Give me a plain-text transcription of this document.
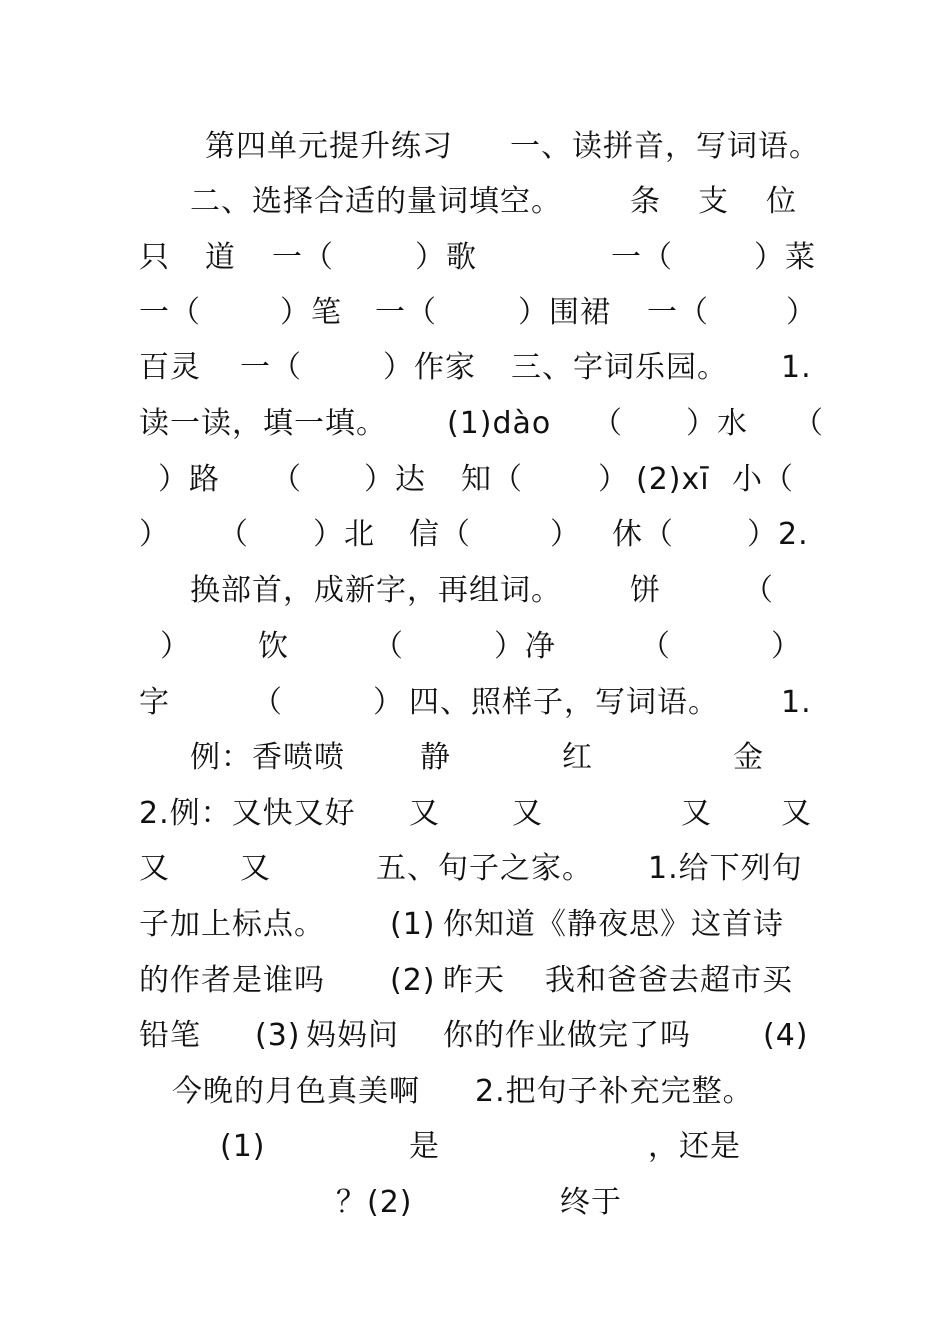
第四单元提升练习 一、读拼音，写词语。
二、选择合适的量词填空。 条 支 位
只 道 一（	）歌	一（	）菜
一（	）笔 一（	）围裙 一（	）
百灵 一（	）作家 三、字词乐园。 1.
读一读，填一填。 (1)dào （ ）水 （
）路 （ ）达 知（	） (2)xī 小（
） （ ）北 信（	） 休（ ）2.
换部首，成新字，再组词。 饼	（
） 饮	（	）净	（	）
字	（	） 四、照样子，写词语。 1.
例：香喷喷	静	红	金
2.例：又快又好 又 又	又 又
又 又	五、句子之家。 1.给下列句
子加上标点。 (1) 你知道《静夜思》这首诗
的作者是谁吗 (2) 昨天 我和爸爸去超市买
铅笔 (3) 妈妈问 你的作业做完了吗 (4)
今晚的月色真美啊 2.把句子补充完整。
(1)	是	，还是
？(2)	终于
